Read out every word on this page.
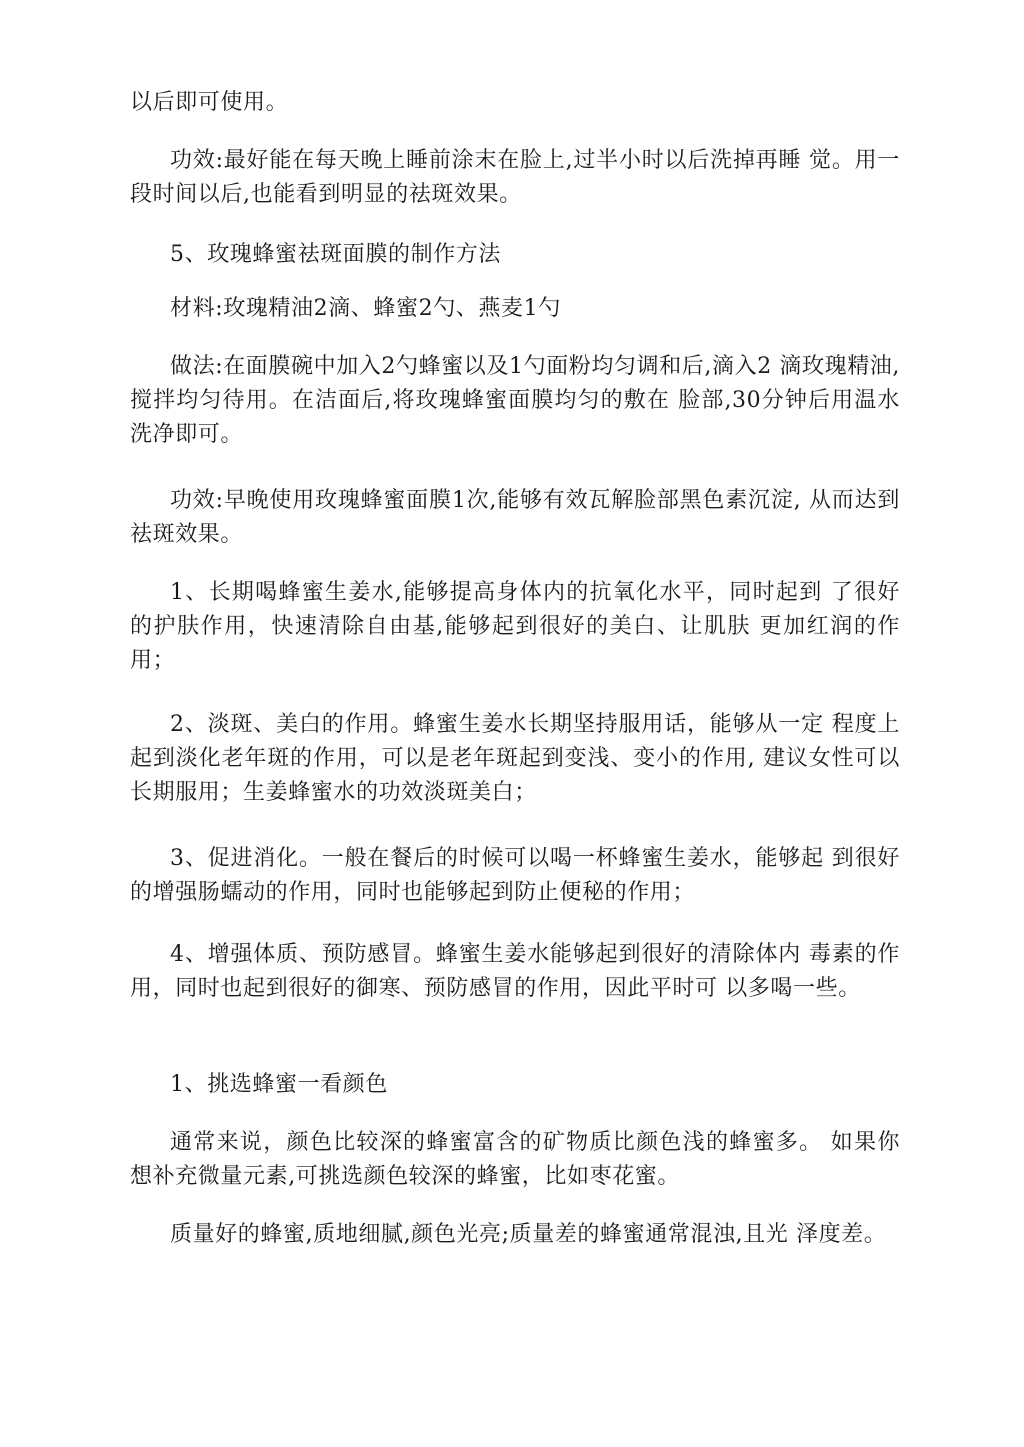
以后即可使用。

功效:最好能在每天晚上睡前涂末在脸上,过半小时以后洗掉再睡 觉。用一段时间以后,也能看到明显的祛斑效果。

5、玫瑰蜂蜜祛斑面膜的制作方法

材料:玫瑰精油2滴、蜂蜜2勺、燕麦1勺

做法:在面膜碗中加入2勺蜂蜜以及1勺面粉均匀调和后,滴入2 滴玫瑰精油,搅拌均匀待用。在洁面后,将玫瑰蜂蜜面膜均匀的敷在 脸部,30分钟后用温水洗净即可。

功效:早晚使用玫瑰蜂蜜面膜1次,能够有效瓦解脸部黑色素沉淀, 从而达到祛斑效果。

1、长期喝蜂蜜生姜水,能够提高身体内的抗氧化水平，同时起到 了很好的护肤作用，快速清除自由基,能够起到很好的美白、让肌肤 更加红润的作用；

2、淡斑、美白的作用。蜂蜜生姜水长期坚持服用话，能够从一定 程度上起到淡化老年斑的作用，可以是老年斑起到变浅、变小的作用, 建议女性可以长期服用；生姜蜂蜜水的功效淡斑美白；

3、促进消化。一般在餐后的时候可以喝一杯蜂蜜生姜水，能够起 到很好的增强肠蠕动的作用，同时也能够起到防止便秘的作用；

4、增强体质、预防感冒。蜂蜜生姜水能够起到很好的清除体内 毒素的作用，同时也起到很好的御寒、预防感冒的作用，因此平时可 以多喝一些。

1、挑选蜂蜜一看颜色

通常来说，颜色比较深的蜂蜜富含的矿物质比颜色浅的蜂蜜多。 如果你想补充微量元素,可挑选颜色较深的蜂蜜，比如枣花蜜。

质量好的蜂蜜,质地细腻,颜色光亮;质量差的蜂蜜通常混浊,且光 泽度差。
